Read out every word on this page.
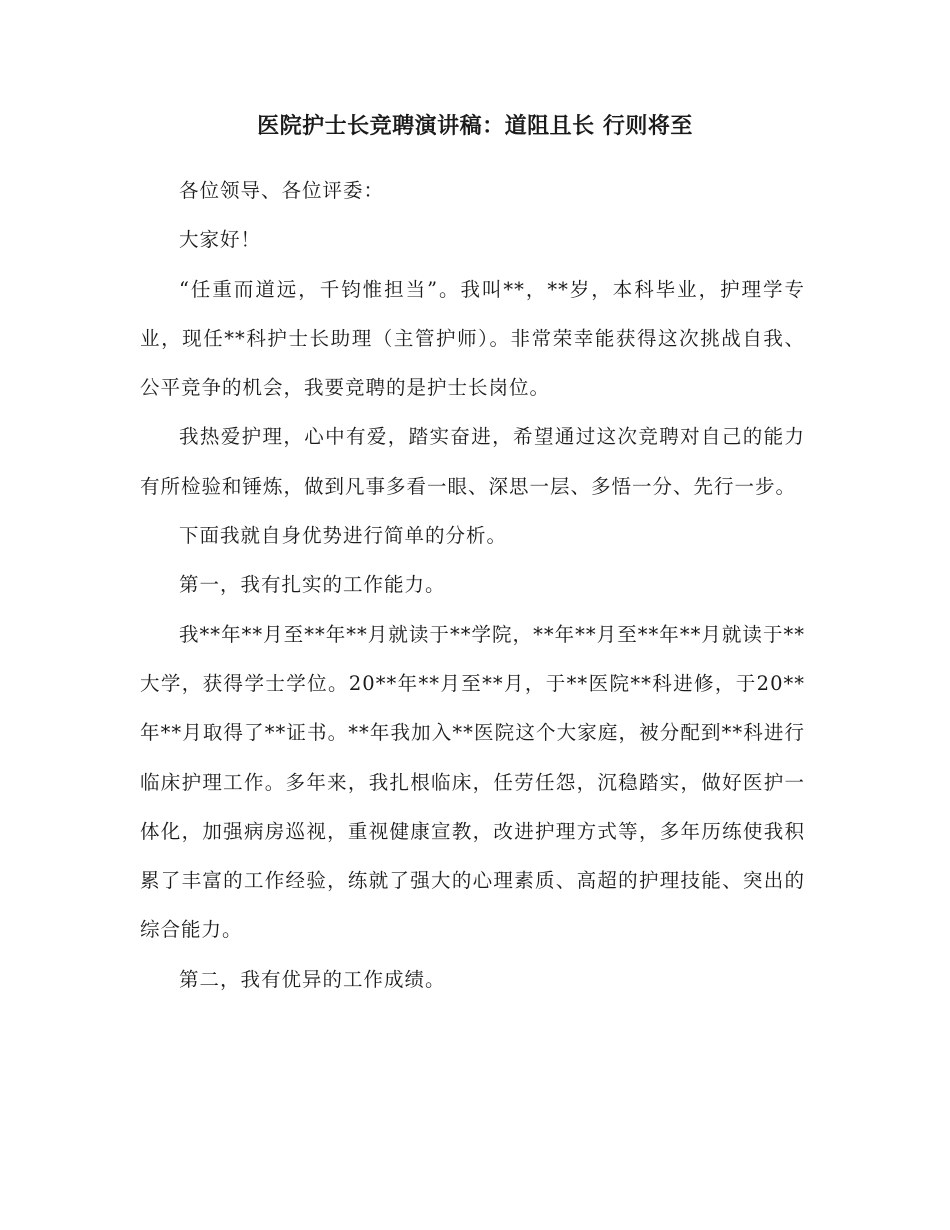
医院护士长竞聘演讲稿：道阻且长 行则将至

各位领导、各位评委：

大家好！

“任重而道远，千钧惟担当”。我叫**，**岁，本科毕业，护理学专业，现任**科护士长助理（主管护师）。非常荣幸能获得这次挑战自我、公平竞争的机会，我要竞聘的是护士长岗位。

我热爱护理，心中有爱，踏实奋进，希望通过这次竞聘对自己的能力有所检验和锤炼，做到凡事多看一眼、深思一层、多悟一分、先行一步。

下面我就自身优势进行简单的分析。

第一，我有扎实的工作能力。

我**年**月至**年**月就读于**学院，**年**月至**年**月就读于**大学，获得学士学位。20**年**月至**月，于**医院**科进修，于20**年**月取得了**证书。**年我加入**医院这个大家庭，被分配到**科进行临床护理工作。多年来，我扎根临床，任劳任怨，沉稳踏实，做好医护一体化，加强病房巡视，重视健康宣教，改进护理方式等，多年历练使我积累了丰富的工作经验，练就了强大的心理素质、高超的护理技能、突出的综合能力。

第二，我有优异的工作成绩。
